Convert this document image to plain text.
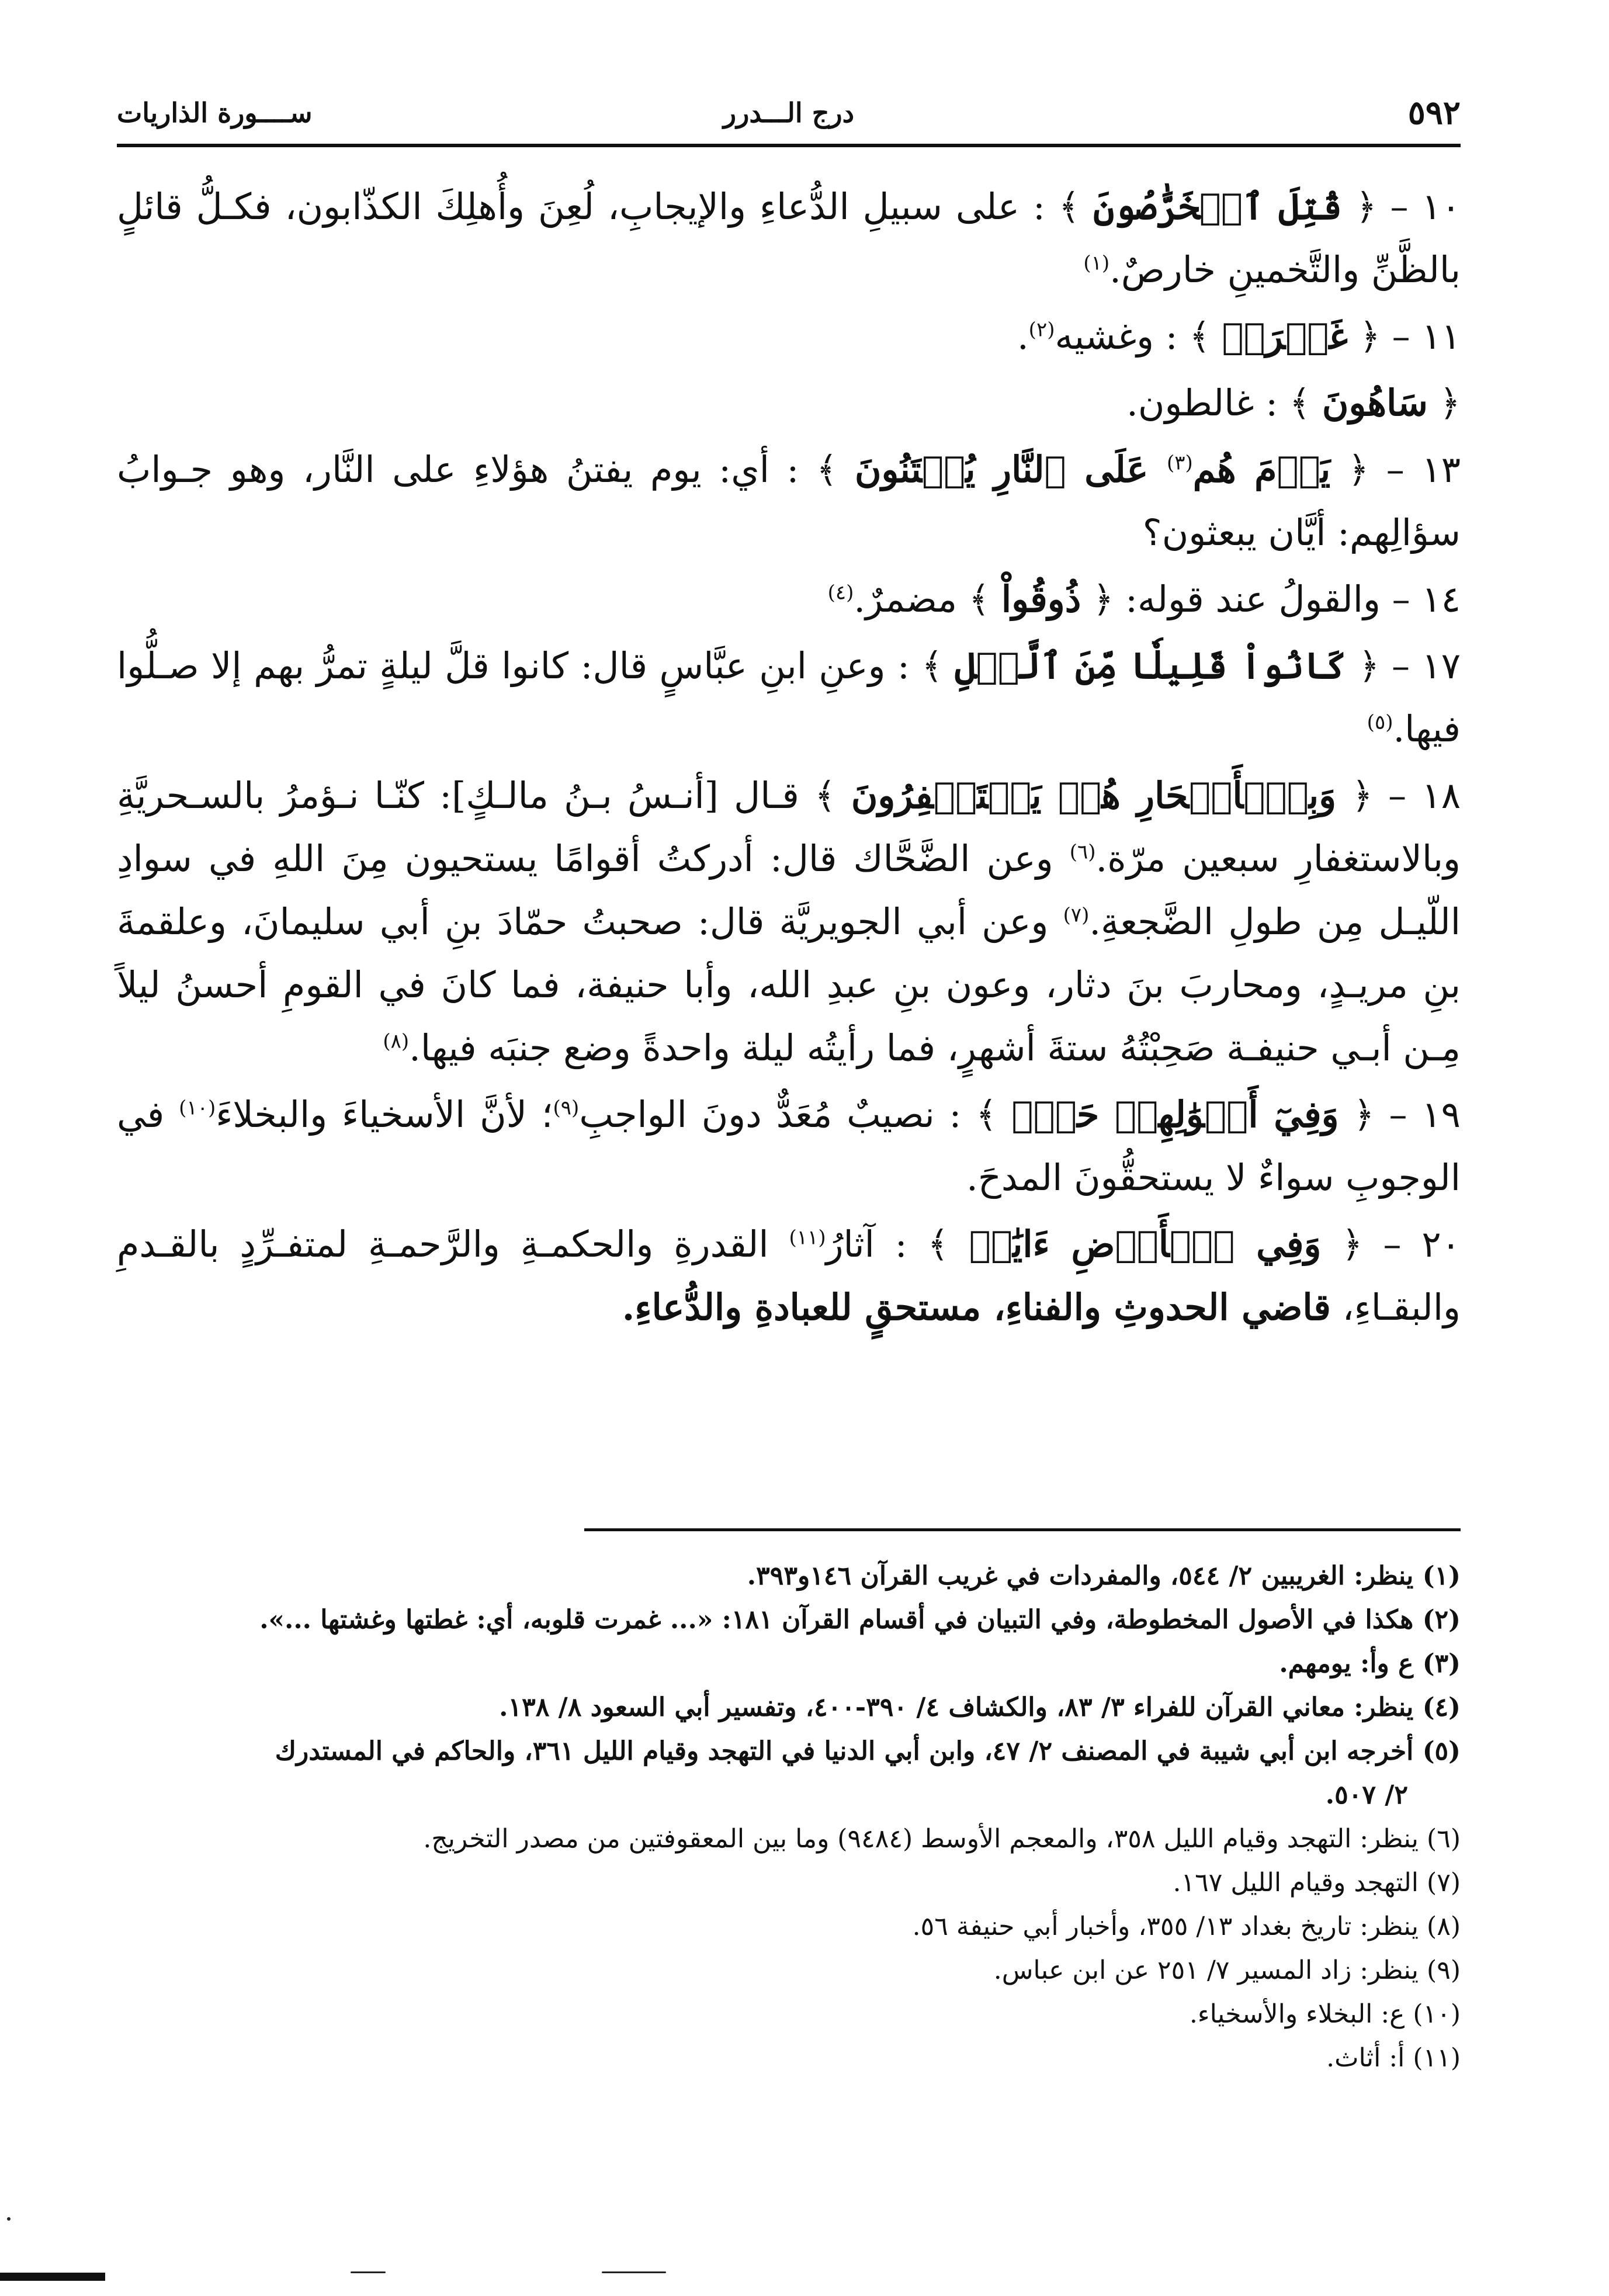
٥٩٢
درج الـــدرر
ســــورة الذاريات

١٠ – ﴿ قُتِلَ ٱلۡخَرَّٰصُونَ ﴾ : على سبيلِ الدُّعاءِ والإيجابِ، لُعِنَ وأُهلِكَ الكذّابون، فكـلُّ قائلٍ بالظَّنِّ والتَّخمينِ خارصٌ.$^{(١)}$

١١ – ﴿ غَمۡرَةٖ ﴾ : وغشيه$^{(٢)}$.

﴿ سَاهُونَ ﴾ : غالطون.

١٣ – ﴿ يَوۡمَ هُم$^{(٣)}$ عَلَى ٱلنَّارِ يُفۡتَنُونَ ﴾ : أي: يوم يفتنُ هؤلاءِ على النَّار، وهو جـوابُ سؤالِهم: أيَّان يبعثون؟

١٤ – والقولُ عند قوله: ﴿ ذُوقُواْ ﴾ مضمرٌ.$^{(٤)}$

١٧ – ﴿ كَانُواْ قَلِيلٗا مِّنَ ٱلَّيۡلِ ﴾ : وعنِ ابنِ عبَّاسٍ قال: كانوا قلَّ ليلةٍ تمرُّ بهم إلا صـلُّوا فيها.$^{(٥)}$

١٨ – ﴿ وَبِٱلۡأَسۡحَارِ هُمۡ يَسۡتَغۡفِرُونَ ﴾ قـال [أنـسُ بـنُ مالـكٍ]: كنّـا نـؤمرُ بالسـحريَّةِ وبالاستغفارِ سبعين مرّة.$^{(٦)}$ وعن الضَّحَّاك قال: أدركتُ أقوامًا يستحيون مِنَ اللهِ في سوادِ اللّيـل مِن طولِ الضَّجعةِ.$^{(٧)}$ وعن أبي الجويريَّة قال: صحبتُ حمّادَ بنِ أبي سليمانَ، وعلقمةَ بنِ مريـدٍ، ومحاربَ بنَ دثار، وعون بنِ عبدِ الله، وأبا حنيفة، فما كانَ في القومِ أحسنُ ليلاً مِـن أبـي حنيفـة صَحِبْتُهُ ستةَ أشهرٍ، فما رأيتُه ليلة واحدةً وضع جنبَه فيها.$^{(٨)}$

١٩ – ﴿ وَفِيٓ أَمۡوَٰلِهِمۡ حَقّٞ ﴾ : نصيبٌ مُعَدٌّ دونَ الواجبِ$^{(٩)}$؛ لأنَّ الأسخياءَ والبخلاءَ$^{(١٠)}$ في الوجوبِ سواءٌ لا يستحقُّونَ المدحَ.

٢٠ – ﴿ وَفِي ٱلۡأَرۡضِ ءَايَٰتٞ ﴾ : آثارُ$^{(١١)}$ القدرةِ والحكمـةِ والرَّحمـةِ لمتفـرِّدٍ بالقـدمِ والبقـاءِ، قاضي الحدوثِ والفناءِ، مستحقٍ للعبادةِ والدُّعاءِ.

(١) ينظر: الغريبين ٢/ ٥٤٤، والمفردات في غريب القرآن ١٤٦و٣٩٣.

(٢) هكذا في الأصول المخطوطة، وفي التبيان في أقسام القرآن ١٨١: «... غمرت قلوبه، أي: غطتها وغشتها ...».

(٣) ع وأ: يومهم.

(٤) ينظر: معاني القرآن للفراء ٣/ ٨٣، والكشاف ٤/ ٣٩٠-٤٠٠، وتفسير أبي السعود ٨/ ١٣٨.

(٥) أخرجه ابن أبي شيبة في المصنف ٢/ ٤٧، وابن أبي الدنيا في التهجد وقيام الليل ٣٦١، والحاكم في المستدرك

٢/ ٥٠٧.

(٦) ينظر: التهجد وقيام الليل ٣٥٨، والمعجم الأوسط (٩٤٨٤) وما بين المعقوفتين من مصدر التخريج.

(٧) التهجد وقيام الليل ١٦٧.

(٨) ينظر: تاريخ بغداد ١٣/ ٣٥٥، وأخبار أبي حنيفة ٥٦.

(٩) ينظر: زاد المسير ٧/ ٢٥١ عن ابن عباس.

(١٠) ع: البخلاء والأسخياء.

(١١) أ: أثاث.
